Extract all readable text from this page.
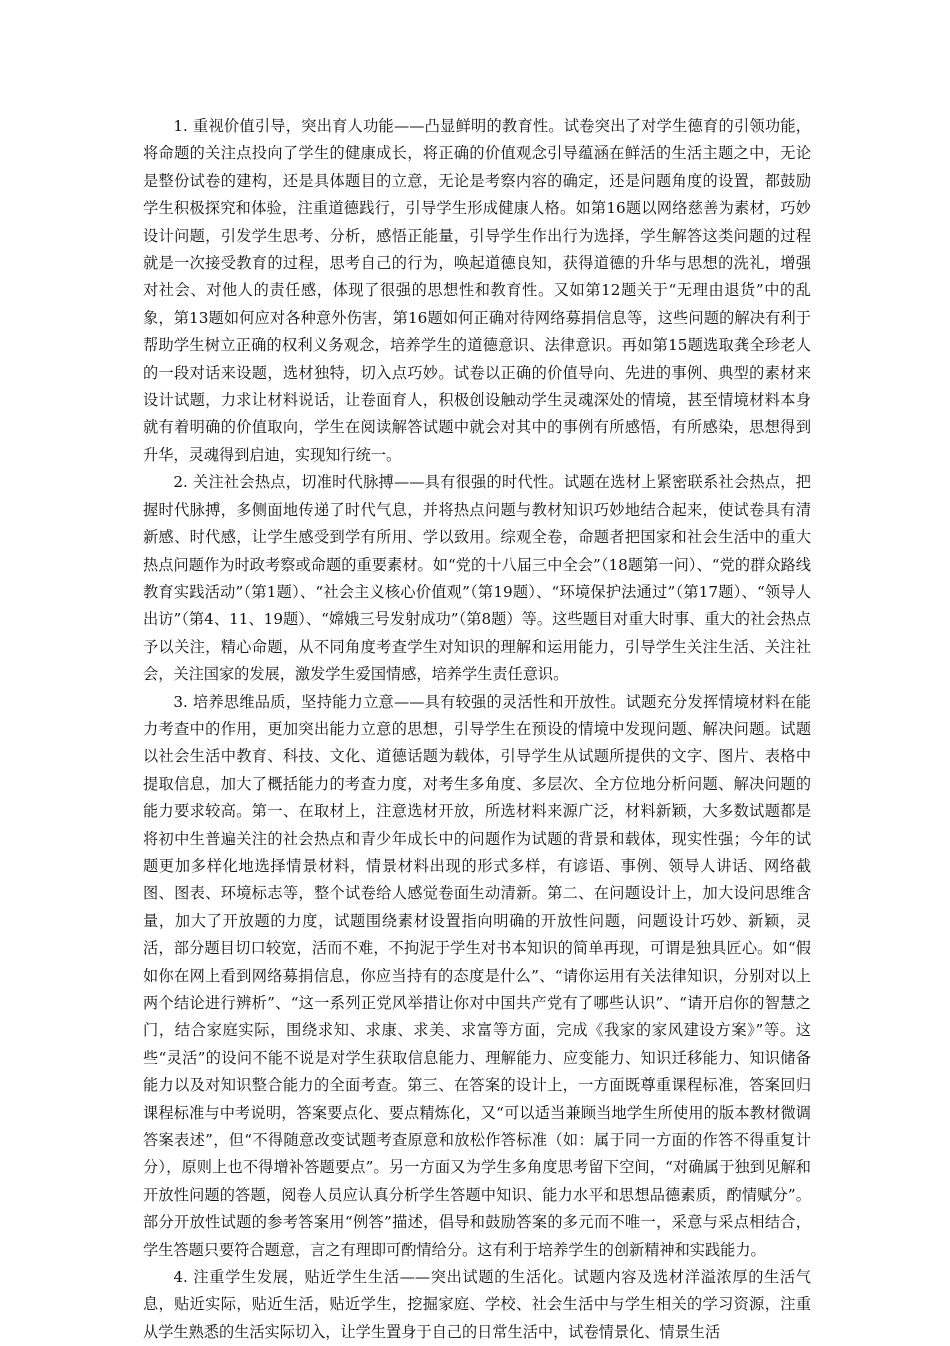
1. 重视价值引导，突出育人功能——凸显鲜明的教育性。试卷突出了对学生德育的引领功能，将命题的关注点投向了学生的健康成长，将正确的价值观念引导蕴涵在鲜活的生活主题之中，无论是整份试卷的建构，还是具体题目的立意，无论是考察内容的确定，还是问题角度的设置，都鼓励学生积极探究和体验，注重道德践行，引导学生形成健康人格。如第16题以网络慈善为素材，巧妙设计问题，引发学生思考、分析，感悟正能量，引导学生作出行为选择，学生解答这类问题的过程就是一次接受教育的过程，思考自己的行为，唤起道德良知，获得道德的升华与思想的洗礼，增强对社会、对他人的责任感，体现了很强的思想性和教育性。又如第12题关于“无理由退货”中的乱象，第13题如何应对各种意外伤害，第16题如何正确对待网络募捐信息等，这些问题的解决有利于帮助学生树立正确的权利义务观念，培养学生的道德意识、法律意识。再如第15题选取龚全珍老人的一段对话来设题，选材独特，切入点巧妙。试卷以正确的价值导向、先进的事例、典型的素材来设计试题，力求让材料说话，让卷面育人，积极创设触动学生灵魂深处的情境，甚至情境材料本身就有着明确的价值取向，学生在阅读解答试题中就会对其中的事例有所感悟，有所感染，思想得到升华，灵魂得到启迪，实现知行统一。

2. 关注社会热点，切准时代脉搏——具有很强的时代性。试题在选材上紧密联系社会热点，把握时代脉搏，多侧面地传递了时代气息，并将热点问题与教材知识巧妙地结合起来，使试卷具有清新感、时代感，让学生感受到学有所用、学以致用。综观全卷，命题者把国家和社会生活中的重大热点问题作为时政考察或命题的重要素材。如“党的十八届三中全会”（18题第一问）、“党的群众路线教育实践活动”（第1题）、“社会主义核心价值观”（第19题）、“环境保护法通过”（第17题）、“领导人出访”（第4、11、19题）、“嫦娥三号发射成功”（第8题）等。这些题目对重大时事、重大的社会热点予以关注，精心命题，从不同角度考查学生对知识的理解和运用能力，引导学生关注生活、关注社会，关注国家的发展，激发学生爱国情感，培养学生责任意识。

3. 培养思维品质，坚持能力立意——具有较强的灵活性和开放性。试题充分发挥情境材料在能力考查中的作用，更加突出能力立意的思想，引导学生在预设的情境中发现问题、解决问题。试题以社会生活中教育、科技、文化、道德话题为载体，引导学生从试题所提供的文字、图片、表格中提取信息，加大了概括能力的考查力度，对考生多角度、多层次、全方位地分析问题、解决问题的能力要求较高。第一、在取材上，注意选材开放，所选材料来源广泛，材料新颖，大多数试题都是将初中生普遍关注的社会热点和青少年成长中的问题作为试题的背景和载体，现实性强；今年的试题更加多样化地选择情景材料，情景材料出现的形式多样，有谚语、事例、领导人讲话、网络截图、图表、环境标志等，整个试卷给人感觉卷面生动清新。第二、在问题设计上，加大设问思维含量，加大了开放题的力度，试题围绕素材设置指向明确的开放性问题，问题设计巧妙、新颖，灵活，部分题目切口较宽，活而不难，不拘泥于学生对书本知识的简单再现，可谓是独具匠心。如“假如你在网上看到网络募捐信息，你应当持有的态度是什么”、“请你运用有关法律知识，分别对以上两个结论进行辨析”、“这一系列正党风举措让你对中国共产党有了哪些认识”、“请开启你的智慧之门，结合家庭实际，围绕求知、求康、求美、求富等方面，完成《我家的家风建设方案》”等。这些“灵活”的设问不能不说是对学生获取信息能力、理解能力、应变能力、知识迁移能力、知识储备能力以及对知识整合能力的全面考查。第三、在答案的设计上，一方面既尊重课程标准，答案回归课程标准与中考说明，答案要点化、要点精炼化，又“可以适当兼顾当地学生所使用的版本教材微调答案表述”，但“不得随意改变试题考查原意和放松作答标准（如：属于同一方面的作答不得重复计分），原则上也不得增补答题要点”。另一方面又为学生多角度思考留下空间，“对确属于独到见解和开放性问题的答题，阅卷人员应认真分析学生答题中知识、能力水平和思想品德素质，酌情赋分”。部分开放性试题的参考答案用“例答”描述，倡导和鼓励答案的多元而不唯一，采意与采点相结合，学生答题只要符合题意，言之有理即可酌情给分。这有利于培养学生的创新精神和实践能力。

4. 注重学生发展，贴近学生生活——突出试题的生活化。试题内容及选材洋溢浓厚的生活气息，贴近实际，贴近生活，贴近学生，挖掘家庭、学校、社会生活中与学生相关的学习资源，注重从学生熟悉的生活实际切入，让学生置身于自己的日常生活中，试卷情景化、情景生活
